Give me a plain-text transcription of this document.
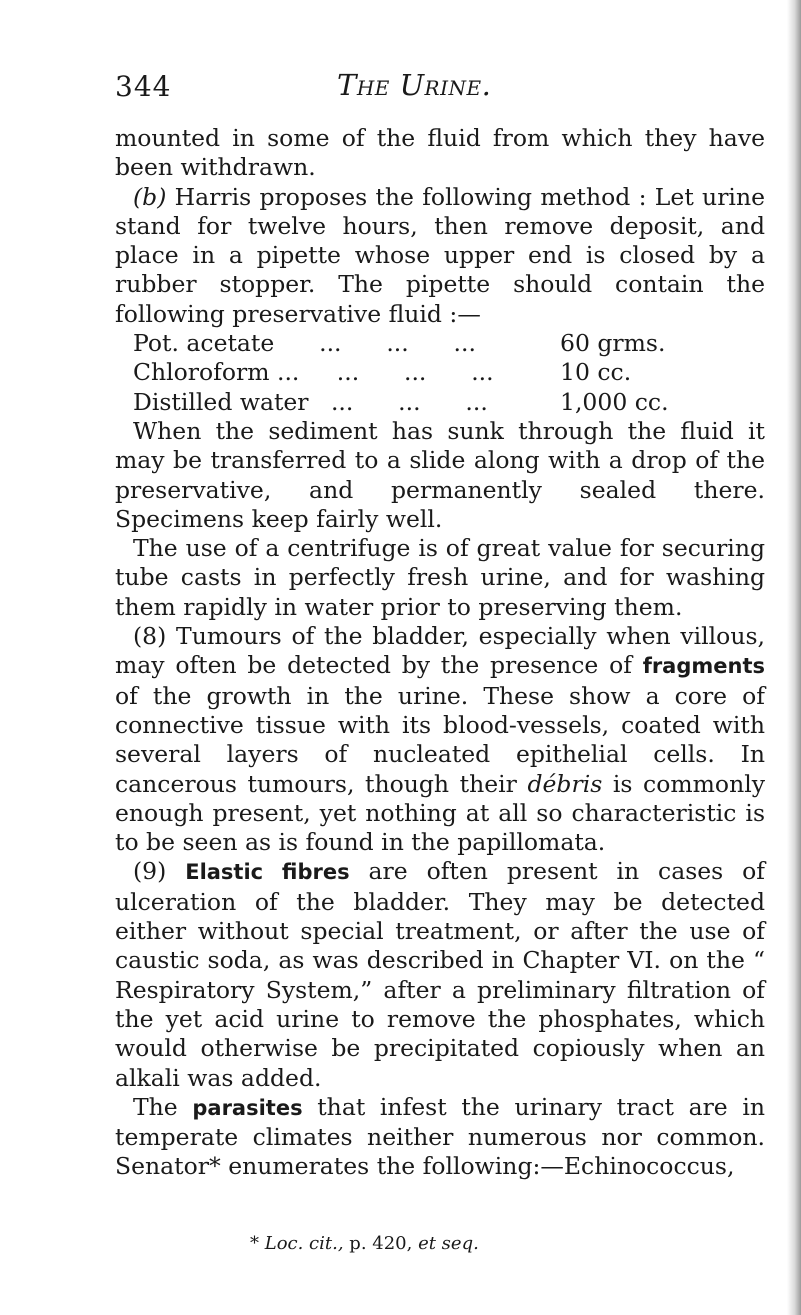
344	The Urine.

mounted in some of the fluid from which they have been withdrawn.

(b) Harris proposes the following method : Let urine stand for twelve hours, then remove deposit, and place in a pipette whose upper end is closed by a rubber stopper. The pipette should contain the following preservative fluid :—

Pot. acetate      ...      ...      ...	60 grms.
Chloroform ...     ...      ...      ...	10 cc.
Distilled water   ...      ...      ...	1,000 cc.

When the sediment has sunk through the fluid it may be transferred to a slide along with a drop of the preservative, and permanently sealed there. Specimens keep fairly well.

The use of a centrifuge is of great value for securing tube casts in perfectly fresh urine, and for washing them rapidly in water prior to preserving them.

(8) Tumours of the bladder, especially when villous, may often be detected by the presence of fragments of the growth in the urine. These show a core of connective tissue with its blood-vessels, coated with several layers of nucleated epithelial cells. In cancerous tumours, though their débris is commonly enough present, yet nothing at all so characteristic is to be seen as is found in the papillomata.

(9) Elastic fibres are often present in cases of ulceration of the bladder. They may be detected either without special treatment, or after the use of caustic soda, as was described in Chapter VI. on the “ Respiratory System,” after a preliminary filtration of the yet acid urine to remove the phosphates, which would otherwise be precipitated copiously when an alkali was added.

The parasites that infest the urinary tract are in temperate climates neither numerous nor common. Senator* enumerates the following:—Echinococcus,

* Loc. cit., p. 420, et seq.
